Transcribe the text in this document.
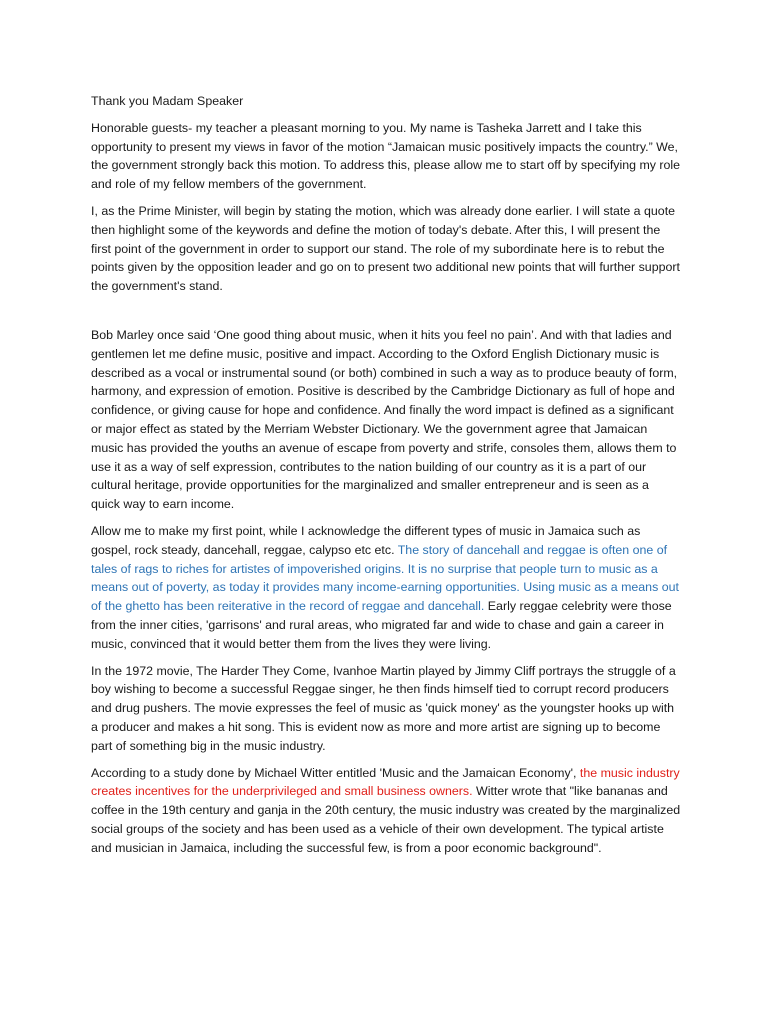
Thank you Madam Speaker

Honorable guests- my teacher a pleasant morning to you. My name is Tasheka Jarrett and I take this opportunity to present my views in favor of the motion “Jamaican music positively impacts the country.” We, the government strongly back this motion. To address this, please allow me to start off by specifying my role and role of my fellow members of the government.

I, as the Prime Minister, will begin by stating the motion, which was already done earlier. I will state a quote then highlight some of the keywords and define the motion of today's debate. After this, I will present the first point of the government in order to support our stand. The role of my subordinate here is to rebut the points given by the opposition leader and go on to present two additional new points that will further support the government's stand.

Bob Marley once said ‘One good thing about music, when it hits you feel no pain’. And with that ladies and gentlemen let me define music, positive and impact. According to the Oxford English Dictionary music is described as a vocal or instrumental sound (or both) combined in such a way as to produce beauty of form, harmony, and expression of emotion. Positive is described by the Cambridge Dictionary as full of hope and confidence, or giving cause for hope and confidence. And finally the word impact is defined as a significant or major effect as stated by the Merriam Webster Dictionary. We the government agree that Jamaican music has provided the youths an avenue of escape from poverty and strife, consoles them, allows them to use it as a way of self expression, contributes to the nation building of our country as it is a part of our cultural heritage, provide opportunities for the marginalized and smaller entrepreneur and is seen as a quick way to earn income.

Allow me to make my first point, while I acknowledge the different types of music in Jamaica such as gospel, rock steady, dancehall, reggae, calypso etc etc. The story of dancehall and reggae is often one of tales of rags to riches for artistes of impoverished origins. It is no surprise that people turn to music as a means out of poverty, as today it provides many income-earning opportunities. Using music as a means out of the ghetto has been reiterative in the record of reggae and dancehall. Early reggae celebrity were those from the inner cities, 'garrisons' and rural areas, who migrated far and wide to chase and gain a career in music, convinced that it would better them from the lives they were living.

In the 1972 movie, The Harder They Come, Ivanhoe Martin played by Jimmy Cliff portrays the struggle of a boy wishing to become a successful Reggae singer, he then finds himself tied to corrupt record producers and drug pushers. The movie expresses the feel of music as 'quick money' as the youngster hooks up with a producer and makes a hit song. This is evident now as more and more artist are signing up to become part of something big in the music industry.

According to a study done by Michael Witter entitled 'Music and the Jamaican Economy', the music industry creates incentives for the underprivileged and small business owners. Witter wrote that "like bananas and coffee in the 19th century and ganja in the 20th century, the music industry was created by the marginalized social groups of the society and has been used as a vehicle of their own development. The typical artiste and musician in Jamaica, including the successful few, is from a poor economic background".
